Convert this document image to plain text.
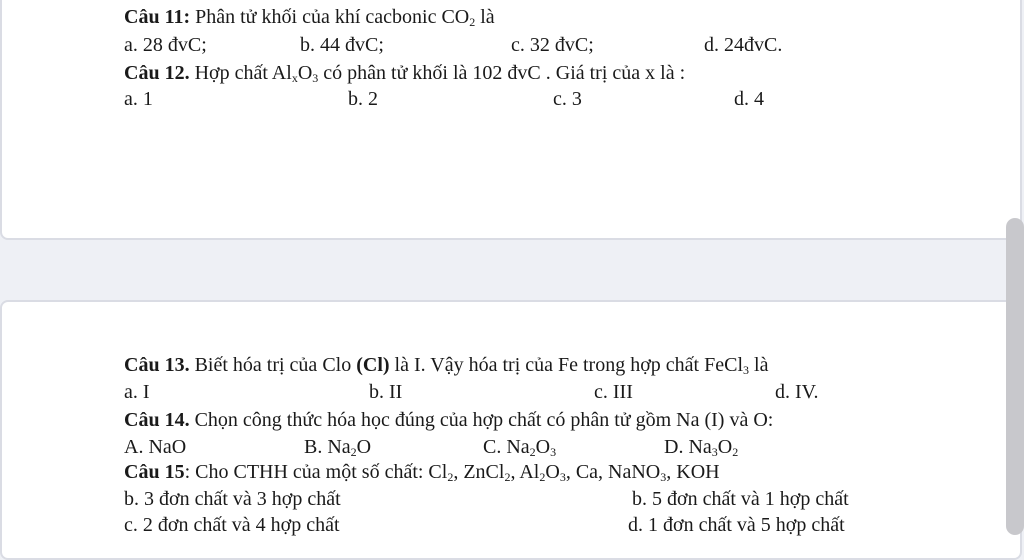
Câu 11: Phân tử khối của khí cacbonic $CO_2$ là
a. 28 đvC;	b. 44 đvC;	c. 32 đvC;	d. 24đvC.
Câu 12. Hợp chất $Al_xO_3$ có phân tử khối là 102 đvC . Giá trị của x là :
a. 1	b. 2	c. 3	d. 4
Câu 13. Biết hóa trị của Clo (Cl) là I. Vậy hóa trị của Fe trong hợp chất FeCl$_3$ là
a. I	b. II	c. III	d. IV.
Câu 14. Chọn công thức hóa học đúng của hợp chất có phân tử gồm Na (I) và O:
A. NaO	B. $Na_2O$	C. $Na_2O_3$	D. $Na_3O_2$
Câu 15: Cho CTHH của một số chất: $Cl_2$, ZnCl$_2$, $Al_2O_3$, Ca, NaNO$_3$, KOH
b. 3 đơn chất và 3 hợp chất	b. 5 đơn chất và 1 hợp chất
c. 2 đơn chất và 4 hợp chất	d. 1 đơn chất và 5 hợp chất
